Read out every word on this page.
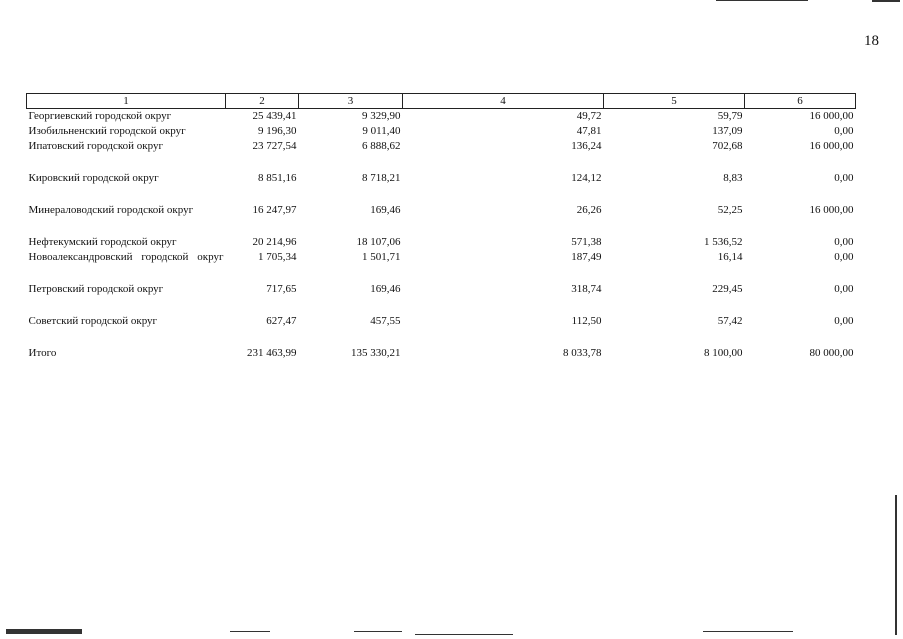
18
1	2	3	4	5	6
Георгиевский городской округ	25 439,41	9 329,90	49,72	59,79	16 000,00
Изобильненский городской округ	9 196,30	9 011,40	47,81	137,09	0,00
Ипатовский городской округ	23 727,54	6 888,62	136,24	702,68	16 000,00
Кировский городской округ	8 851,16	8 718,21	124,12	8,83	0,00
Минераловодский городской округ	16 247,97	169,46	26,26	52,25	16 000,00
Нефтекумский городской округ	20 214,96	18 107,06	571,38	1 536,52	0,00
Новоалександровский городской округ	1 705,34	1 501,71	187,49	16,14	0,00
Петровский городской округ	717,65	169,46	318,74	229,45	0,00
Советский городской округ	627,47	457,55	112,50	57,42	0,00
Итого	231 463,99	135 330,21	8 033,78	8 100,00	80 000,00
